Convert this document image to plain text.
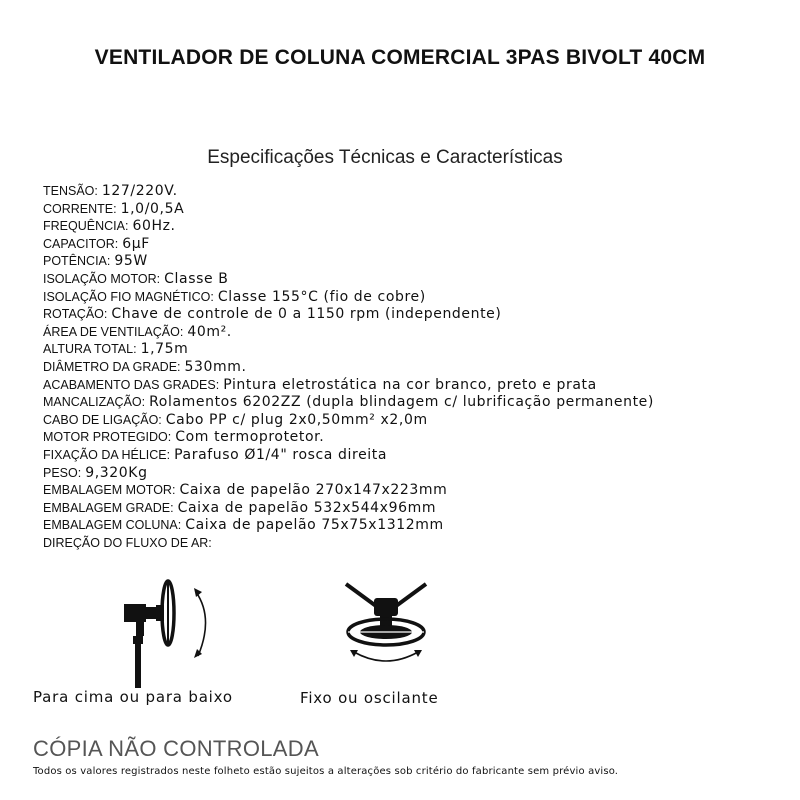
VENTILADOR DE COLUNA COMERCIAL 3PAS BIVOLT 40CM
Especificações Técnicas e Características
TENSÃO: 127/220V.
CORRENTE: 1,0/0,5A
FREQUÊNCIA: 60Hz.
CAPACITOR: 6µF
POTÊNCIA: 95W
ISOLAÇÃO MOTOR: Classe B
ISOLAÇÃO FIO MAGNÉTICO: Classe 155°C (fio de cobre)
ROTAÇÃO: Chave de controle de 0 a 1150 rpm (independente)
ÁREA DE VENTILAÇÃO: 40m².
ALTURA TOTAL: 1,75m
DIÂMETRO DA GRADE: 530mm.
ACABAMENTO DAS GRADES: Pintura eletrostática na cor branco, preto e prata
MANCALIZAÇÃO: Rolamentos 6202ZZ (dupla blindagem c/ lubrificação permanente)
CABO DE LIGAÇÃO: Cabo PP c/ plug 2x0,50mm² x2,0m
MOTOR PROTEGIDO: Com termoprotetor.
FIXAÇÃO DA HÉLICE: Parafuso Ø1/4" rosca direita
PESO: 9,320Kg
EMBALAGEM MOTOR: Caixa de papelão 270x147x223mm
EMBALAGEM GRADE: Caixa de papelão 532x544x96mm
EMBALAGEM COLUNA: Caixa de papelão 75x75x1312mm
DIREÇÃO DO FLUXO DE AR:
Para cima ou para baixo	Fixo ou oscilante
CÓPIA NÃO CONTROLADA
Todos os valores registrados neste folheto estão sujeitos a alterações sob critério do fabricante sem prévio aviso.
